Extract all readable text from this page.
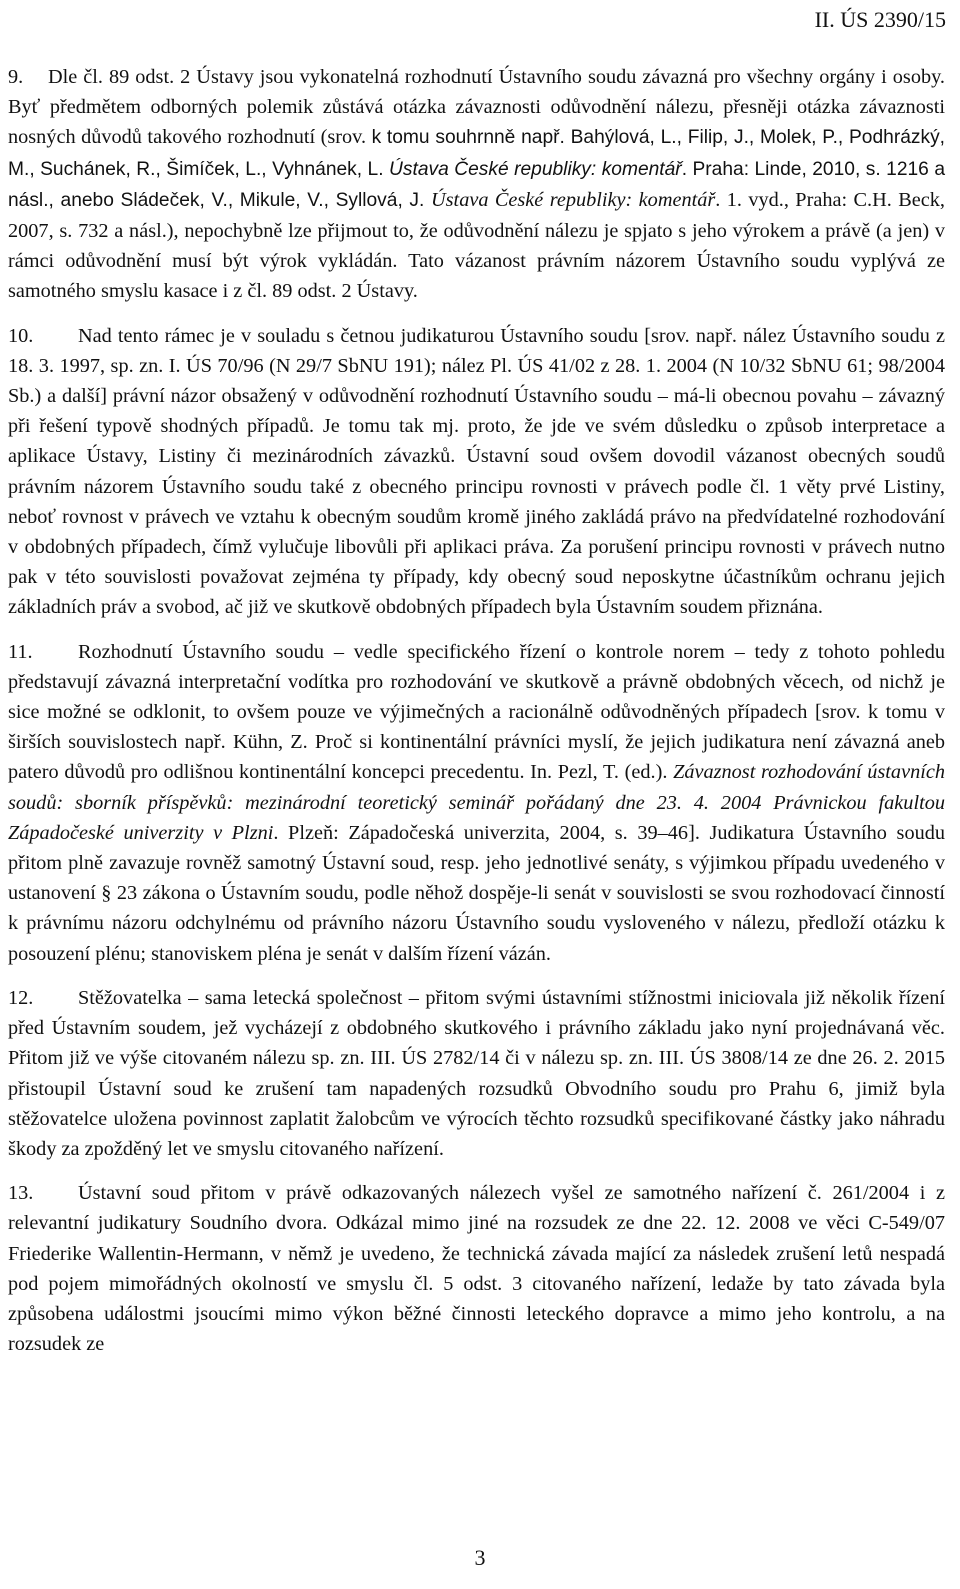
II. ÚS 2390/15

9. Dle čl. 89 odst. 2 Ústavy jsou vykonatelná rozhodnutí Ústavního soudu závazná pro všechny orgány i osoby. Byť předmětem odborných polemik zůstává otázka závaznosti odůvodnění nálezu, přesněji otázka závaznosti nosných důvodů takového rozhodnutí (srov. k tomu souhrnně např. Bahýlová, L., Filip, J., Molek, P., Podhrázký, M., Suchánek, R., Šimíček, L., Vyhnánek, L. Ústava České republiky: komentář. Praha: Linde, 2010, s. 1216 a násl., anebo Sládeček, V., Mikule, V., Syllová, J. Ústava České republiky: komentář. 1. vyd., Praha: C.H. Beck, 2007, s. 732 a násl.), nepochybně lze přijmout to, že odůvodnění nálezu je spjato s jeho výrokem a právě (a jen) v rámci odůvodnění musí být výrok vykládán. Tato vázanost právním názorem Ústavního soudu vyplývá ze samotného smyslu kasace i z čl. 89 odst. 2 Ústavy.

10. Nad tento rámec je v souladu s četnou judikaturou Ústavního soudu [srov. např. nález Ústavního soudu z 18. 3. 1997, sp. zn. I. ÚS 70/96 (N 29/7 SbNU 191); nález Pl. ÚS 41/02 z 28. 1. 2004 (N 10/32 SbNU 61; 98/2004 Sb.) a další] právní názor obsažený v odůvodnění rozhodnutí Ústavního soudu – má-li obecnou povahu – závazný při řešení typově shodných případů. Je tomu tak mj. proto, že jde ve svém důsledku o způsob interpretace a aplikace Ústavy, Listiny či mezinárodních závazků. Ústavní soud ovšem dovodil vázanost obecných soudů právním názorem Ústavního soudu také z obecného principu rovnosti v právech podle čl. 1 věty prvé Listiny, neboť rovnost v právech ve vztahu k obecným soudům kromě jiného zakládá právo na předvídatelné rozhodování v obdobných případech, čímž vylučuje libovůli při aplikaci práva. Za porušení principu rovnosti v právech nutno pak v této souvislosti považovat zejména ty případy, kdy obecný soud neposkytne účastníkům ochranu jejich základních práv a svobod, ač již ve skutkově obdobných případech byla Ústavním soudem přiznána.

11. Rozhodnutí Ústavního soudu – vedle specifického řízení o kontrole norem – tedy z tohoto pohledu představují závazná interpretační vodítka pro rozhodování ve skutkově a právně obdobných věcech, od nichž je sice možné se odklonit, to ovšem pouze ve výjimečných a racionálně odůvodněných případech [srov. k tomu v širších souvislostech např. Kühn, Z. Proč si kontinentální právníci myslí, že jejich judikatura není závazná aneb patero důvodů pro odlišnou kontinentální koncepci precedentu. In. Pezl, T. (ed.). Závaznost rozhodování ústavních soudů: sborník příspěvků: mezinárodní teoretický seminář pořádaný dne 23. 4. 2004 Právnickou fakultou Západočeské univerzity v Plzni. Plzeň: Západočeská univerzita, 2004, s. 39–46]. Judikatura Ústavního soudu přitom plně zavazuje rovněž samotný Ústavní soud, resp. jeho jednotlivé senáty, s výjimkou případu uvedeného v ustanovení § 23 zákona o Ústavním soudu, podle něhož dospěje-li senát v souvislosti se svou rozhodovací činností k právnímu názoru odchylnému od právního názoru Ústavního soudu vysloveného v nálezu, předloží otázku k posouzení plénu; stanoviskem pléna je senát v dalším řízení vázán.

12. Stěžovatelka – sama letecká společnost – přitom svými ústavními stížnostmi iniciovala již několik řízení před Ústavním soudem, jež vycházejí z obdobného skutkového i právního základu jako nyní projednávaná věc. Přitom již ve výše citovaném nálezu sp. zn. III. ÚS 2782/14 či v nálezu sp. zn. III. ÚS 3808/14 ze dne 26. 2. 2015 přistoupil Ústavní soud ke zrušení tam napadených rozsudků Obvodního soudu pro Prahu 6, jimiž byla stěžovatelce uložena povinnost zaplatit žalobcům ve výrocích těchto rozsudků specifikované částky jako náhradu škody za zpožděný let ve smyslu citovaného nařízení.

13. Ústavní soud přitom v právě odkazovaných nálezech vyšel ze samotného nařízení č. 261/2004 i z relevantní judikatury Soudního dvora. Odkázal mimo jiné na rozsudek ze dne 22. 12. 2008 ve věci C-549/07 Friederike Wallentin-Hermann, v němž je uvedeno, že technická závada mající za následek zrušení letů nespadá pod pojem mimořádných okolností ve smyslu čl. 5 odst. 3 citovaného nařízení, ledaže by tato závada byla způsobena událostmi jsoucími mimo výkon běžné činnosti leteckého dopravce a mimo jeho kontrolu, a na rozsudek ze

3
